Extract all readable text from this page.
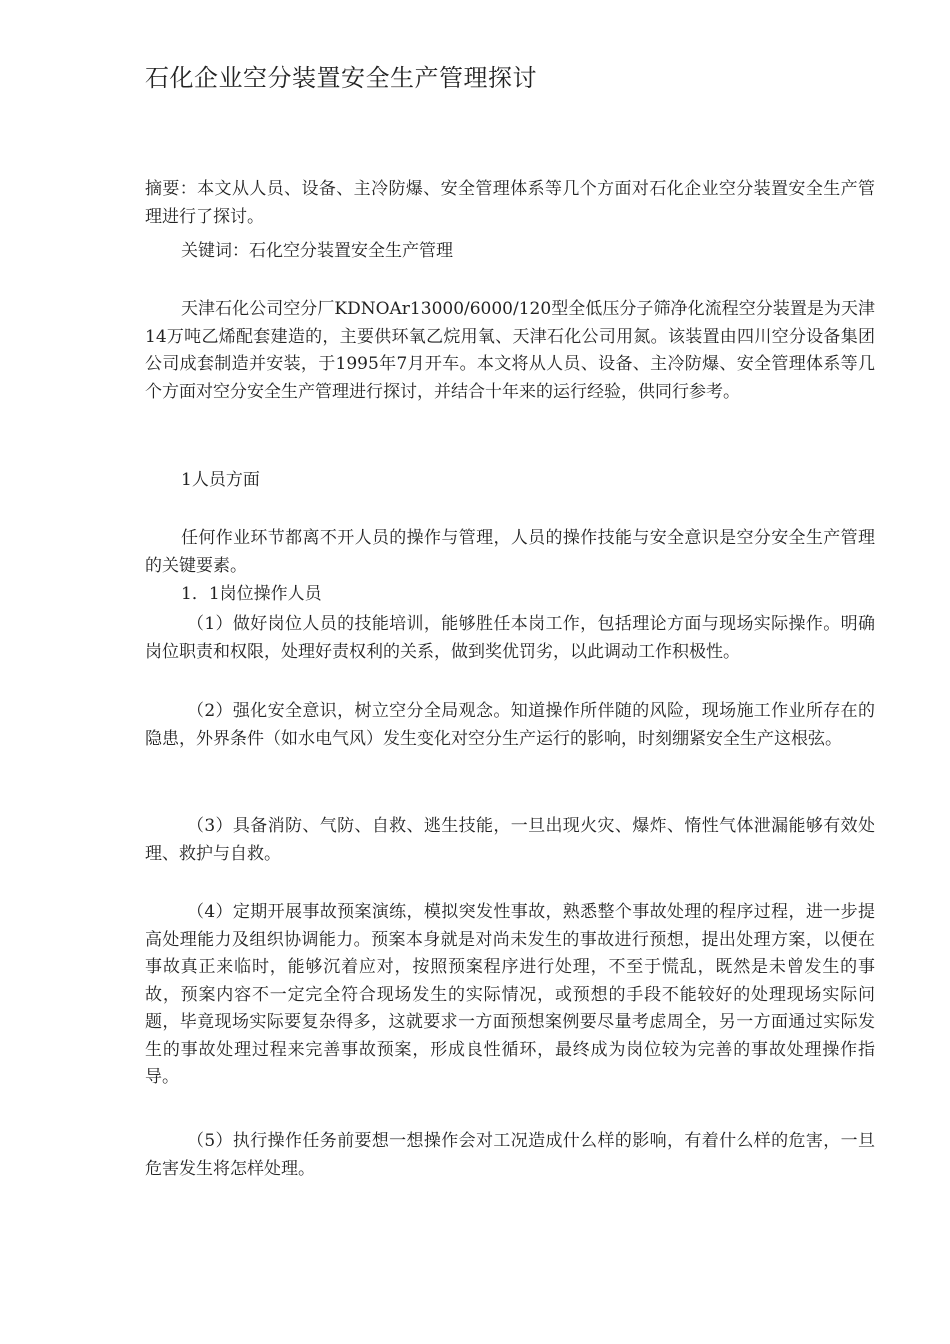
石化企业空分装置安全生产管理探讨

摘要：本文从人员、设备、主冷防爆、安全管理体系等几个方面对石化企业空分装置安全生产管理进行了探讨。

关键词：石化空分装置安全生产管理

天津石化公司空分厂KDNOAr13000/6000/120型全低压分子筛净化流程空分装置是为天津14万吨乙烯配套建造的，主要供环氧乙烷用氧、天津石化公司用氮。该装置由四川空分设备集团公司成套制造并安装，于1995年7月开车。本文将从人员、设备、主冷防爆、安全管理体系等几个方面对空分安全生产管理进行探讨，并结合十年来的运行经验，供同行参考。

1人员方面

任何作业环节都离不开人员的操作与管理，人员的操作技能与安全意识是空分安全生产管理的关键要素。

1．1岗位操作人员

（1）做好岗位人员的技能培训，能够胜任本岗工作，包括理论方面与现场实际操作。明确岗位职责和权限，处理好责权利的关系，做到奖优罚劣，以此调动工作积极性。

（2）强化安全意识，树立空分全局观念。知道操作所伴随的风险，现场施工作业所存在的隐患，外界条件（如水电气风）发生变化对空分生产运行的影响，时刻绷紧安全生产这根弦。

（3）具备消防、气防、自救、逃生技能，一旦出现火灾、爆炸、惰性气体泄漏能够有效处理、救护与自救。

（4）定期开展事故预案演练，模拟突发性事故，熟悉整个事故处理的程序过程，进一步提高处理能力及组织协调能力。预案本身就是对尚未发生的事故进行预想，提出处理方案，以便在事故真正来临时，能够沉着应对，按照预案程序进行处理，不至于慌乱，既然是未曾发生的事故，预案内容不一定完全符合现场发生的实际情况，或预想的手段不能较好的处理现场实际问题，毕竟现场实际要复杂得多，这就要求一方面预想案例要尽量考虑周全，另一方面通过实际发生的事故处理过程来完善事故预案，形成良性循环，最终成为岗位较为完善的事故处理操作指导。

（5）执行操作任务前要想一想操作会对工况造成什么样的影响，有着什么样的危害，一旦危害发生将怎样处理。
